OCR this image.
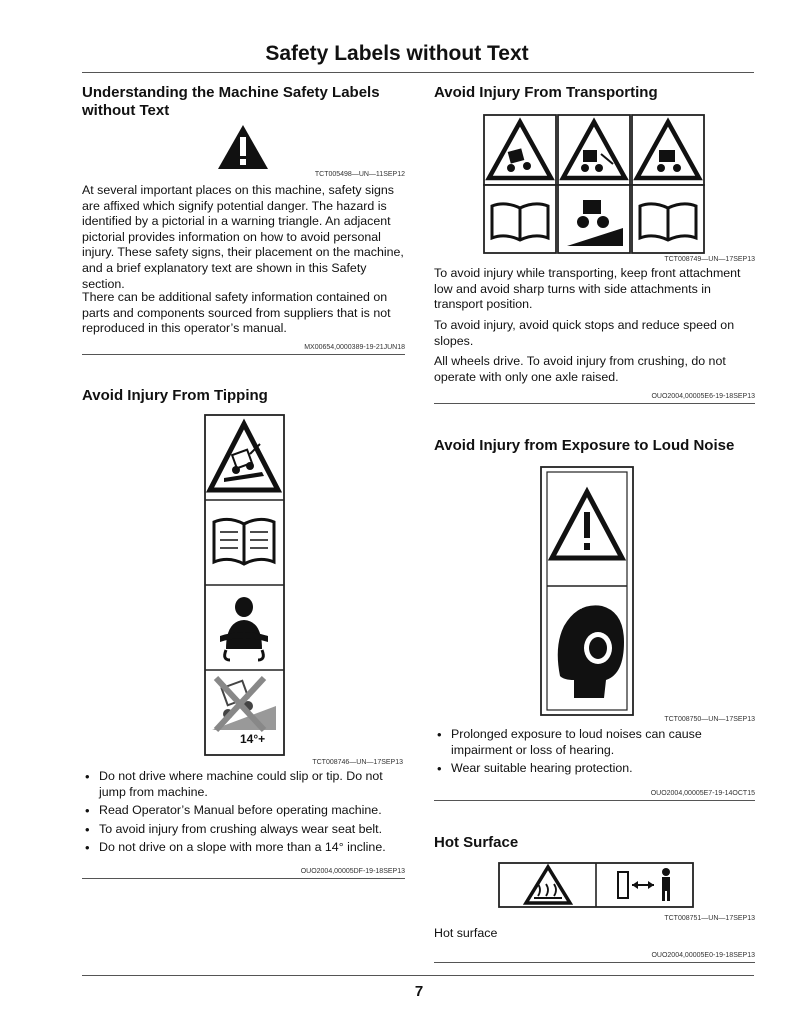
Safety Labels without Text
Understanding the Machine Safety Labels without Text
TCT005498—UN—11SEP12

At several important places on this machine, safety signs are affixed which signify potential danger. The hazard is identified by a pictorial in a warning triangle. An adjacent pictorial provides information on how to avoid personal injury. These safety signs, their placement on the machine, and a brief explanatory text are shown in this Safety section.

There can be additional safety information contained on parts and components sourced from suppliers that is not reproduced in this operator’s manual.

MX00654,0000389-19-21JUN18
Avoid Injury From Tipping
14°+
TCT008746—UN—17SEP13
• Do not drive where machine could slip or tip. Do not jump from machine.
• Read Operator’s Manual before operating machine.
• To avoid injury from crushing always wear seat belt.
• Do not drive on a slope with more than a 14° incline.
OUO2004,00005DF-19-18SEP13
Avoid Injury From Transporting
TCT008749—UN—17SEP13

To avoid injury while transporting, keep front attachment low and avoid sharp turns with side attachments in transport position.

To avoid injury, avoid quick stops and reduce speed on slopes.

All wheels drive. To avoid injury from crushing, do not operate with only one axle raised.

OUO2004,00005E6-19-18SEP13
Avoid Injury from Exposure to Loud Noise
TCT008750—UN—17SEP13
• Prolonged exposure to loud noises can cause impairment or loss of hearing.
• Wear suitable hearing protection.
OUO2004,00005E7-19-14OCT15
Hot Surface
TCT008751—UN—17SEP13

Hot surface

OUO2004,00005E0-19-18SEP13
7
